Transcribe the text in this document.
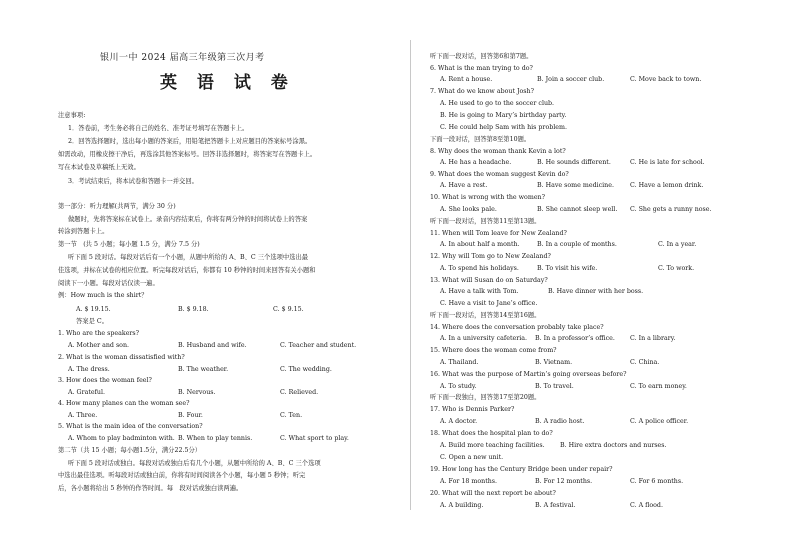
银川一中 2024 届高三年级第三次月考
英 语 试 卷
注意事项:
1．答卷前，考生务必将自己的姓名、准考证号填写在答题卡上。
2．回答选择题时，选出每小题的答案后，用铅笔把答题卡上对应题目的答案标号涂黑。
如需改动，用橡皮擦干净后，再选涂其他答案标号。回答非选择题时，将答案写在答题卡上。
写在本试卷及草稿纸上无效。
3．考试结束后，将本试卷和答题卡一并交回。
第一部分：听力理解(共两节，满分 30 分)
做题时，先将答案标在试卷上。录音内容结束后，你将有两分钟的时间将试卷上的答案
转涂到答题卡上。
第一节　(共 5 小题；每小题 1.5 分，满分 7.5 分)
听下面 5 段对话。每段对话后有一个小题，从题中所给的 A、B、C 三个选项中选出最
佳选项，并标在试卷的相应位置。听完每段对话后，你都有 10 秒钟的时间来回答有关小题和
阅读下一小题。每段对话仅读一遍。
例：How much is the shirt？
A. $ 19.15.	B. $ 9.18.	C. $ 9.15.
答案是 C。
1. Who are the speakers?
A. Mother and son.	B. Husband and wife.	C. Teacher and student.
2. What is the woman dissatisfied with?
A. The dress.	B. The weather.	C. The wedding.
3. How does the woman feel?
A. Grateful.	B. Nervous.	C. Relieved.
4. How many planes can the woman see?
A. Three.	B. Four.	C. Ten.
5. What is the main idea of the conversation?
A. Whom to play badminton with. B. When to play tennis.	C. What sport to play.
第二节（共 15 小题；每小题1.5分，满分22.5分）
听下面 5 段对话或独白。每段对话或独白后有几个小题，从题中所给的 A、B、C 三个选项
中选出最佳选项。听每段对话或独白前，你将有时间阅读各个小题，每小题 5 秒钟；听完
后，各小题将给出 5 秒钟的作答时间。每　段对话或独白读两遍。
听下面一段对话，回答第6和第7题。
6. What is the man trying to do?
A. Rent a house.	B. Join a soccer club.	C. Move back to town.
7. What do we know about Josh?
A. He used to go to the soccer club.
B. He is going to Mary’s birthday party.
C. He could help Sam with his problem.
下面一段对话，回答第8至第10题。
8. Why does the woman thank Kevin a lot?
A. He has a headache.	B. He sounds different.	C. He is late for school.
9. What does the woman suggest Kevin do?
A. Have a rest.	B. Have some medicine.	C. Have a lemon drink.
10. What is wrong with the women?
A. She looks pale.	B. She cannot sleep well. C. She gets a runny nose.
听下面一段对话，回答第11至第13题。
11. When will Tom leave for New Zealand?
A. In about half a month.	B. In a couple of months.	C. In a year.
12. Why will Tom go to New Zealand?
A. To spend his holidays.	B. To visit his wife.	C. To work.
13. What will Susan do on Saturday?
A. Have a talk with Tom.	B. Have dinner with her boss.
C. Have a visit to Jane’s office.
听下面一段对话，回答第14至第16题。
14. Where does the conversation probably take place?
A. In a university cafeteria. B. In a professor’s office. C. In a library.
15. Where does the woman come from?
A. Thailand.	B. Vietnam.	C. China.
16. What was the purpose of Martin’s going overseas before?
A. To study.	B. To travel.	C. To earn money.
听下面一段独白，回答第17至第20题。
17. Who is Dennis Parker?
A. A doctor.	B. A radio host.	C. A police officer.
18. What does the hospital plan to do?
A. Build more teaching facilities. B. Hire extra doctors and nurses.
C. Open a new unit.
19. How long has the Century Bridge been under repair?
A. For 18 months.	B. For 12 months.	C. For 6 months.
20. What will the next report be about?
A. A building.	B. A festival.	C. A flood.
